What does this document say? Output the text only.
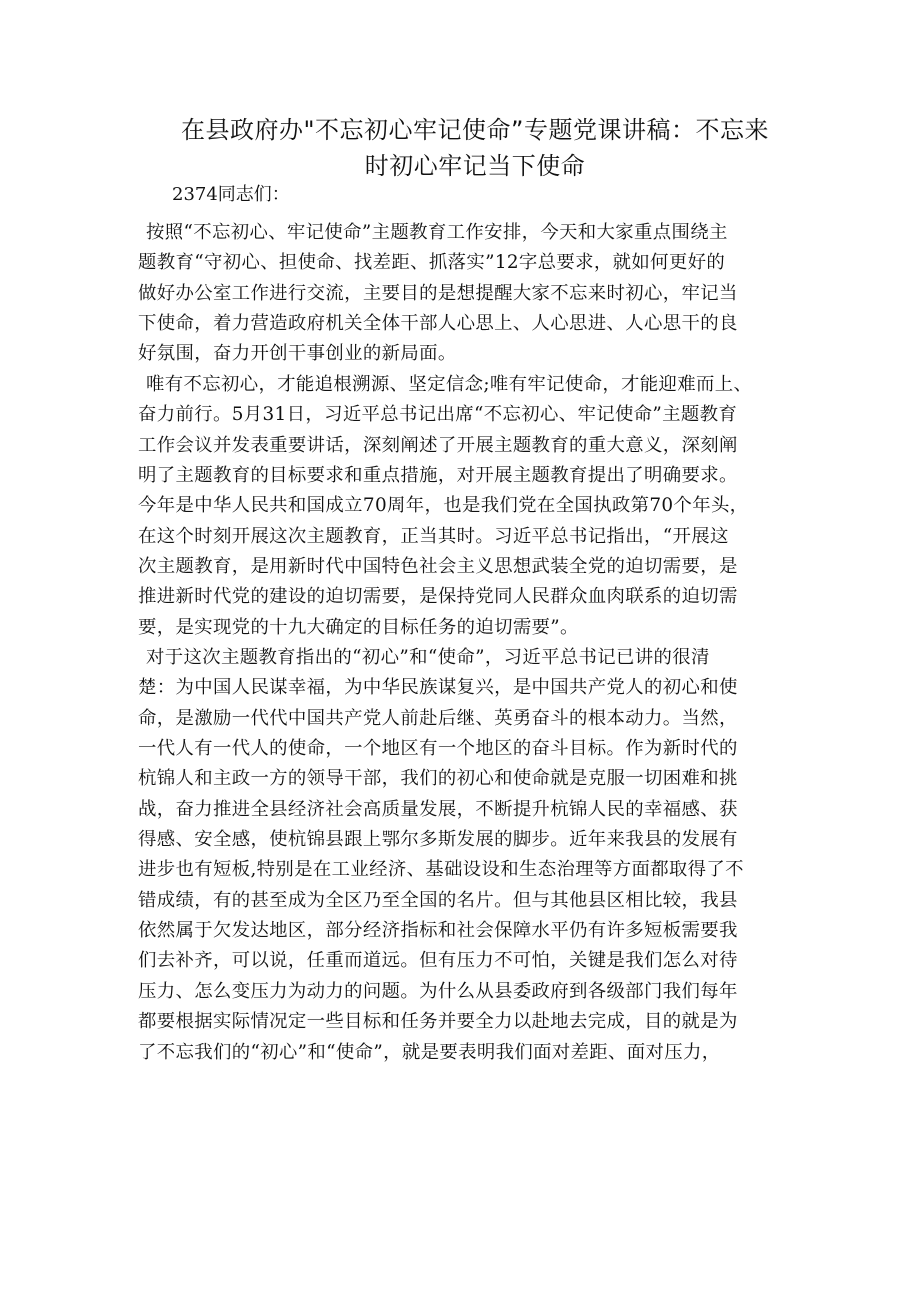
在县政府办"不忘初心牢记使命”专题党课讲稿：不忘来
时初心牢记当下使命
2374同志们：
按照“不忘初心、牢记使命”主题教育工作安排，今天和大家重点围绕主
题教育“守初心、担使命、找差距、抓落实”12字总要求，就如何更好的
做好办公室工作进行交流，主要目的是想提醒大家不忘来时初心，牢记当
下使命，着力营造政府机关全体干部人心思上、人心思进、人心思干的良
好氛围，奋力开创干事创业的新局面。
唯有不忘初心，才能追根溯源、坚定信念;唯有牢记使命，才能迎难而上、
奋力前行。5月31日，习近平总书记出席“不忘初心、牢记使命”主题教育
工作会议并发表重要讲话，深刻阐述了开展主题教育的重大意义，深刻阐
明了主题教育的目标要求和重点措施，对开展主题教育提出了明确要求。
今年是中华人民共和国成立70周年，也是我们党在全国执政第70个年头，
在这个时刻开展这次主题教育，正当其时。习近平总书记指出，“开展这
次主题教育，是用新时代中国特色社会主义思想武装全党的迫切需要，是
推进新时代党的建设的迫切需要，是保持党同人民群众血肉联系的迫切需
要，是实现党的十九大确定的目标任务的迫切需要”。
对于这次主题教育指出的“初心”和“使命”，习近平总书记已讲的很清
楚：为中国人民谋幸福，为中华民族谋复兴，是中国共产党人的初心和使
命，是激励一代代中国共产党人前赴后继、英勇奋斗的根本动力。当然，
一代人有一代人的使命，一个地区有一个地区的奋斗目标。作为新时代的
杭锦人和主政一方的领导干部，我们的初心和使命就是克服一切困难和挑
战，奋力推进全县经济社会高质量发展，不断提升杭锦人民的幸福感、获
得感、安全感，使杭锦县跟上鄂尔多斯发展的脚步。近年来我县的发展有
进步也有短板,特别是在工业经济、基础设设和生态治理等方面都取得了不
错成绩，有的甚至成为全区乃至全国的名片。但与其他县区相比较，我县
依然属于欠发达地区，部分经济指标和社会保障水平仍有许多短板需要我
们去补齐，可以说，任重而道远。但有压力不可怕，关键是我们怎么对待
压力、怎么变压力为动力的问题。为什么从县委政府到各级部门我们每年
都要根据实际情况定一些目标和任务并要全力以赴地去完成，目的就是为
了不忘我们的“初心”和“使命”，就是要表明我们面对差距、面对压力，
